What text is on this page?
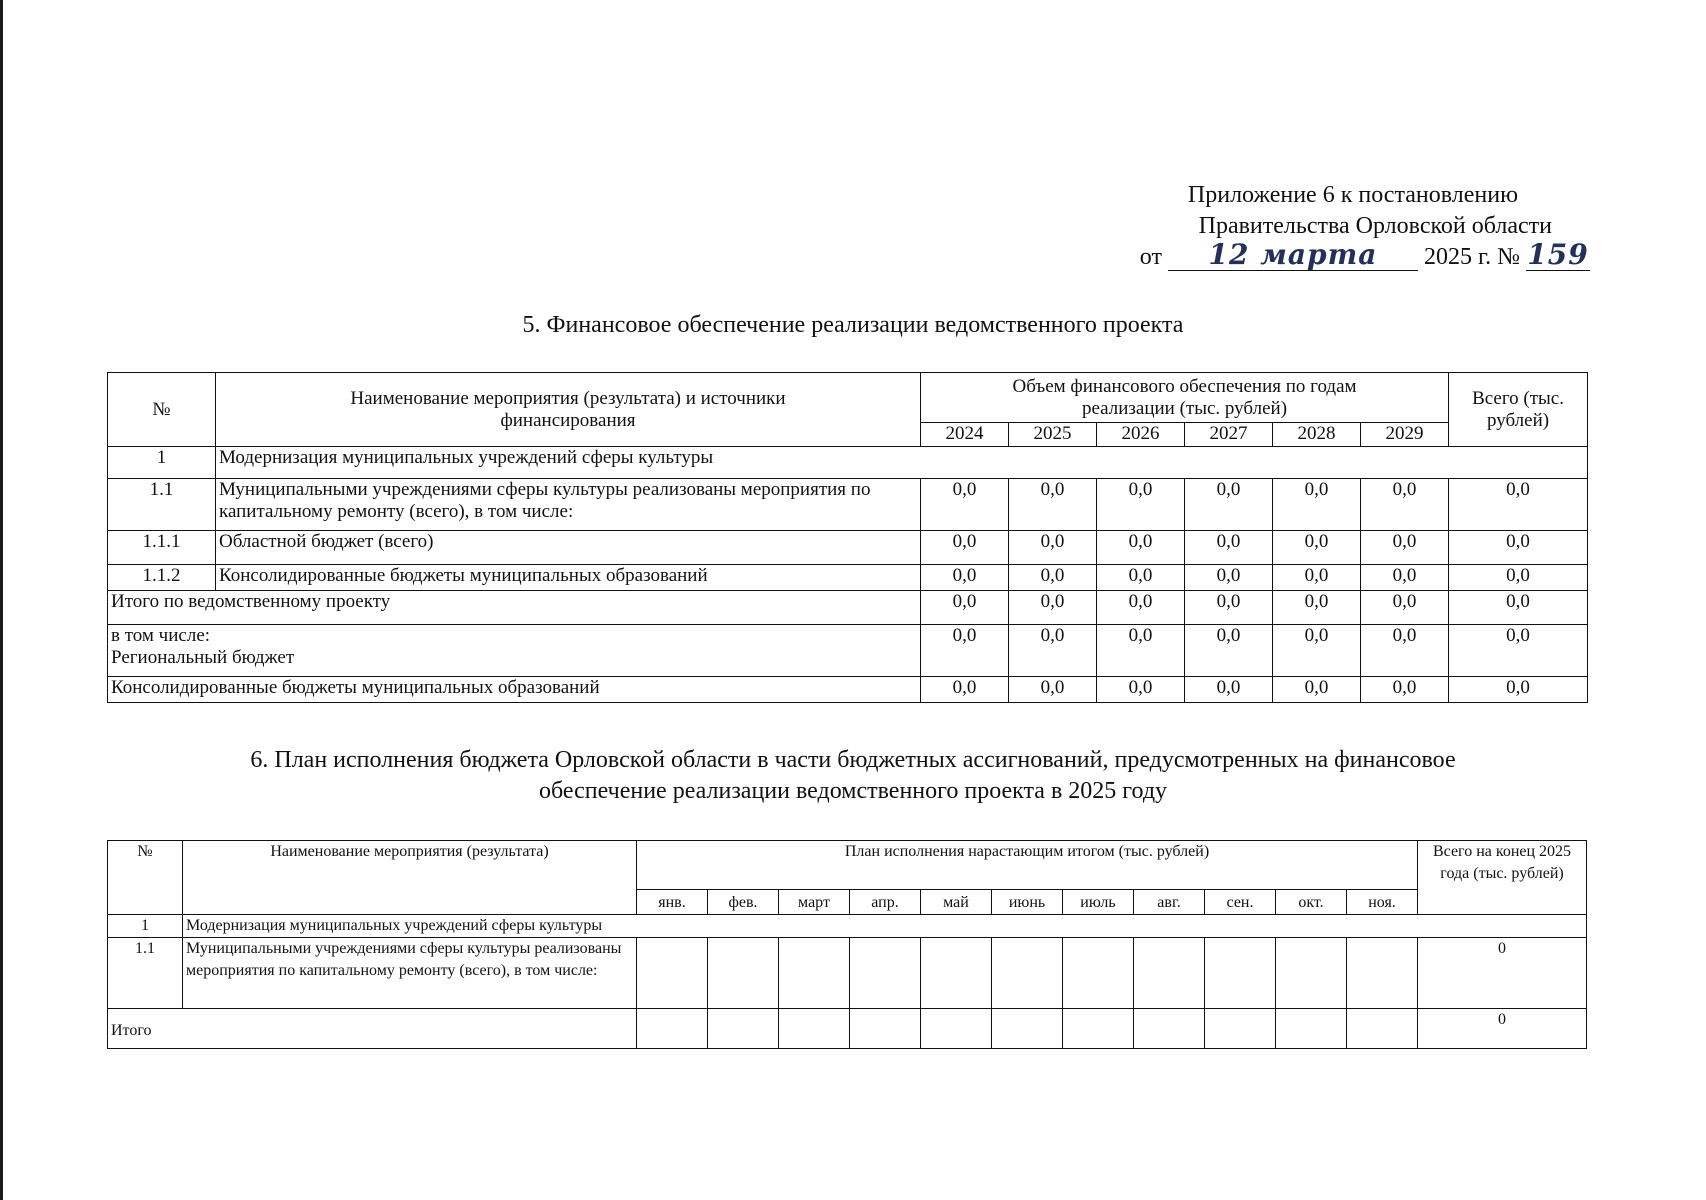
Приложение 6 к постановлению
Правительства Орловской области
от 12 марта 2025 г. № 159
5. Финансовое обеспечение реализации ведомственного проекта
№	Наименование мероприятия (результата) и источники финансирования	Объем финансового обеспечения по годам реализации (тыс. рублей)						Всего (тыс. рублей)
		2024	2025	2026	2027	2028	2029	
1	Модернизация муниципальных учреждений сферы культуры							
1.1	Муниципальными учреждениями сферы культуры реализованы мероприятия по капитальному ремонту (всего), в том числе:	0,0	0,0	0,0	0,0	0,0	0,0	0,0
1.1.1	Областной бюджет (всего)	0,0	0,0	0,0	0,0	0,0	0,0	0,0
1.1.2	Консолидированные бюджеты муниципальных образований	0,0	0,0	0,0	0,0	0,0	0,0	0,0
Итого по ведомственному проекту		0,0	0,0	0,0	0,0	0,0	0,0	0,0

в том числе:
Региональный бюджет		0,0	0,0	0,0	0,0	0,0	0,0	0,0
Консолидированные бюджеты муниципальных образований		0,0	0,0	0,0	0,0	0,0	0,0	0,0
6. План исполнения бюджета Орловской области в части бюджетных ассигнований, предусмотренных на финансовое
обеспечение реализации ведомственного проекта в 2025 году
№	Наименование мероприятия (результата)	План исполнения нарастающим итогом (тыс. рублей)											Всего на конец 2025 года (тыс. рублей)
		янв.	фев.	март	апр.	май	июнь	июль	авг.	сен.	окт.	ноя.	
1	Модернизация муниципальных учреждений сферы культуры												
1.1	Муниципальными учреждениями сферы культуры реализованы мероприятия по капитальному ремонту (всего), в том числе:												0
Итого													0
